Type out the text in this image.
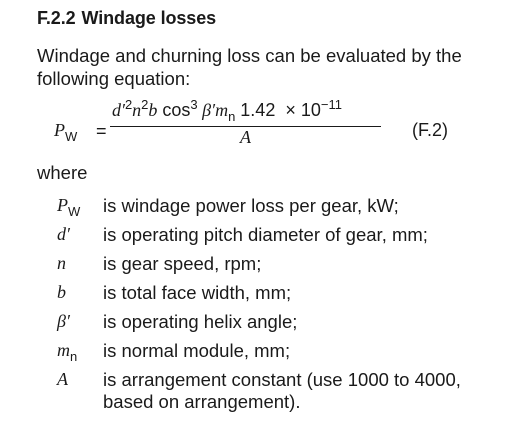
F.2.2 Windage losses
Windage and churning loss can be evaluated by the following equation:
$P_W$ =
$d'^2n^2b$ $\cos^3 \beta'm_n$ $1.42 \times 10^{-11}$
A	(F.2)
where
$P_W$ is windage power loss per gear, kW;
d′ is operating pitch diameter of gear, mm;
n is gear speed, rpm;
b is total face width, mm;
β′ is operating helix angle;
$m_n$ is normal module, mm;
A is arrangement constant (use 1000 to 4000, based on arrangement).
